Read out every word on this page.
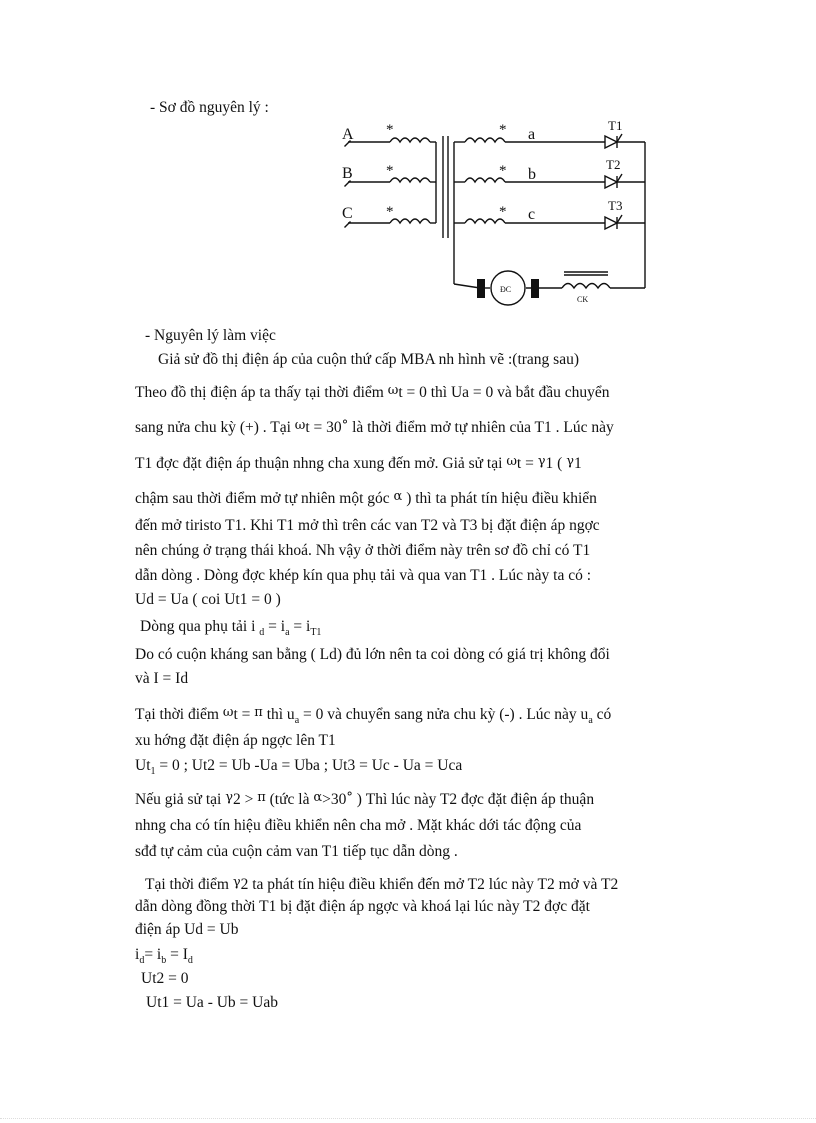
- Sơ đồ nguyên lý :
A
B
C
*
*
*
*
*
*
a
b
c
T1
T2
T3
ĐC
CK
- Nguyên lý làm việc
Giả sử đồ thị điện áp của cuộn thứ cấp MBA nh hình vẽ :(trang sau)
Theo đồ thị điện áp ta thấy tại thời điểm ωt = 0 thì Ua = 0 và bắt đầu chuyển
sang nửa chu kỳ (+) . Tại ωt = 30° là thời điểm mở tự nhiên của T1 . Lúc này
T1 đợc đặt điện áp thuận nhng cha xung đến mở. Giả sử tại ωt = γ1 ( γ1
chậm sau thời điểm mở tự nhiên một góc α ) thì ta phát tín hiệu điều khiển
đến mở tiristo T1. Khi T1 mở thì trên các van T2 và T3 bị đặt điện áp ngợc
nên chúng ở trạng thái khoá. Nh vậy ở thời điểm này trên sơ đồ chỉ có T1
dẫn dòng . Dòng đợc khép kín qua phụ tải và qua van T1 . Lúc này ta có :
Ud = Ua ( coi Ut1 = 0 )
Dòng qua phụ tải i $_d = i_a = i_{T1}$
Do có cuộn kháng san bằng ( Ld) đủ lớn nên ta coi dòng có giá trị không đổi
và I = Id
Tại thời điểm ωt = π thì $u_a = 0$ và chuyển sang nửa chu kỳ (-) . Lúc này $u_a$ có
xu hớng đặt điện áp ngợc lên T1
$Ut_1 = 0$ ; Ut2 = Ub -Ua = Uba ; Ut3 = Uc - Ua = Uca
Nếu giả sử tại γ2 > π (tức là α>30° ) Thì lúc này T2 đợc đặt điện áp thuận
nhng cha có tín hiệu điều khiển nên cha mở . Mặt khác dới tác động của
sđđ tự cảm của cuộn cảm van T1 tiếp tục dẫn dòng .
Tại thời điểm γ2 ta phát tín hiệu điều khiển đến mở T2 lúc này T2 mở và T2
dẫn dòng đồng thời T1 bị đặt điện áp ngợc và khoá lại lúc này T2 đợc đặt
điện áp Ud = Ub
$i_d= i_b = I_d$
Ut2 = 0
Ut1 = Ua - Ub = Uab
